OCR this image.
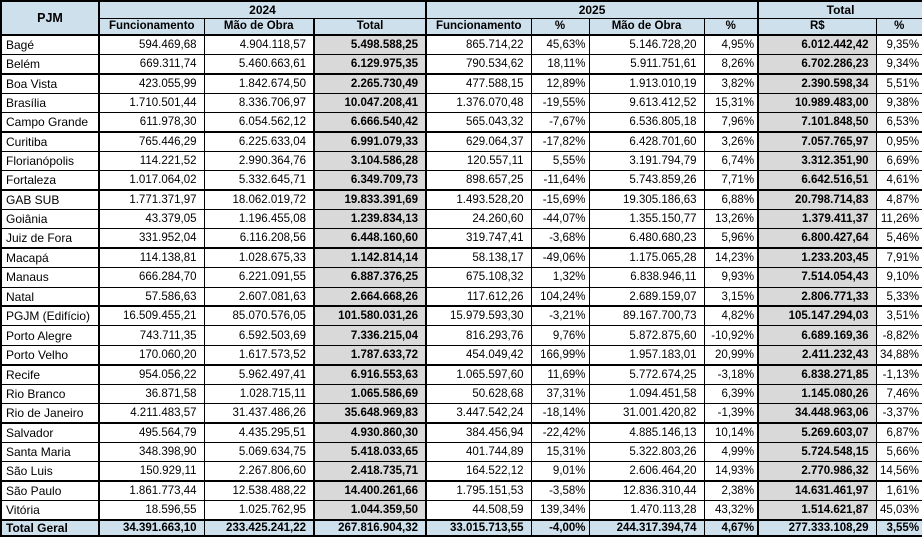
PJM	2024			2025				Total	
	Funcionamento	Mão de Obra	Total	Funcionamento	%	Mão de Obra	%	R$	%
Bagé	594.469,68	4.904.118,57	5.498.588,25	865.714,22	45,63%	5.146.728,20	4,95%	6.012.442,42	9,35%
Belém	669.311,74	5.460.663,61	6.129.975,35	790.534,62	18,11%	5.911.751,61	8,26%	6.702.286,23	9,34%
Boa Vista	423.055,99	1.842.674,50	2.265.730,49	477.588,15	12,89%	1.913.010,19	3,82%	2.390.598,34	5,51%
Brasília	1.710.501,44	8.336.706,97	10.047.208,41	1.376.070,48	-19,55%	9.613.412,52	15,31%	10.989.483,00	9,38%
Campo Grande	611.978,30	6.054.562,12	6.666.540,42	565.043,32	-7,67%	6.536.805,18	7,96%	7.101.848,50	6,53%
Curitiba	765.446,29	6.225.633,04	6.991.079,33	629.064,37	-17,82%	6.428.701,60	3,26%	7.057.765,97	0,95%
Florianópolis	114.221,52	2.990.364,76	3.104.586,28	120.557,11	5,55%	3.191.794,79	6,74%	3.312.351,90	6,69%
Fortaleza	1.017.064,02	5.332.645,71	6.349.709,73	898.657,25	-11,64%	5.743.859,26	7,71%	6.642.516,51	4,61%
GAB SUB	1.771.371,97	18.062.019,72	19.833.391,69	1.493.528,20	-15,69%	19.305.186,63	6,88%	20.798.714,83	4,87%
Goiânia	43.379,05	1.196.455,08	1.239.834,13	24.260,60	-44,07%	1.355.150,77	13,26%	1.379.411,37	11,26%
Juiz de Fora	331.952,04	6.116.208,56	6.448.160,60	319.747,41	-3,68%	6.480.680,23	5,96%	6.800.427,64	5,46%
Macapá	114.138,81	1.028.675,33	1.142.814,14	58.138,17	-49,06%	1.175.065,28	14,23%	1.233.203,45	7,91%
Manaus	666.284,70	6.221.091,55	6.887.376,25	675.108,32	1,32%	6.838.946,11	9,93%	7.514.054,43	9,10%
Natal	57.586,63	2.607.081,63	2.664.668,26	117.612,26	104,24%	2.689.159,07	3,15%	2.806.771,33	5,33%
PGJM (Edifício)	16.509.455,21	85.070.576,05	101.580.031,26	15.979.593,30	-3,21%	89.167.700,73	4,82%	105.147.294,03	3,51%
Porto Alegre	743.711,35	6.592.503,69	7.336.215,04	816.293,76	9,76%	5.872.875,60	-10,92%	6.689.169,36	-8,82%
Porto Velho	170.060,20	1.617.573,52	1.787.633,72	454.049,42	166,99%	1.957.183,01	20,99%	2.411.232,43	34,88%
Recife	954.056,22	5.962.497,41	6.916.553,63	1.065.597,60	11,69%	5.772.674,25	-3,18%	6.838.271,85	-1,13%
Rio Branco	36.871,58	1.028.715,11	1.065.586,69	50.628,68	37,31%	1.094.451,58	6,39%	1.145.080,26	7,46%
Rio de Janeiro	4.211.483,57	31.437.486,26	35.648.969,83	3.447.542,24	-18,14%	31.001.420,82	-1,39%	34.448.963,06	-3,37%
Salvador	495.564,79	4.435.295,51	4.930.860,30	384.456,94	-22,42%	4.885.146,13	10,14%	5.269.603,07	6,87%
Santa Maria	348.398,90	5.069.634,75	5.418.033,65	401.744,89	15,31%	5.322.803,26	4,99%	5.724.548,15	5,66%
São Luis	150.929,11	2.267.806,60	2.418.735,71	164.522,12	9,01%	2.606.464,20	14,93%	2.770.986,32	14,56%
São Paulo	1.861.773,44	12.538.488,22	14.400.261,66	1.795.151,53	-3,58%	12.836.310,44	2,38%	14.631.461,97	1,61%
Vitória	18.596,55	1.025.762,95	1.044.359,50	44.508,59	139,34%	1.470.113,28	43,32%	1.514.621,87	45,03%
Total Geral	34.391.663,10	233.425.241,22	267.816.904,32	33.015.713,55	-4,00%	244.317.394,74	4,67%	277.333.108,29	3,55%
